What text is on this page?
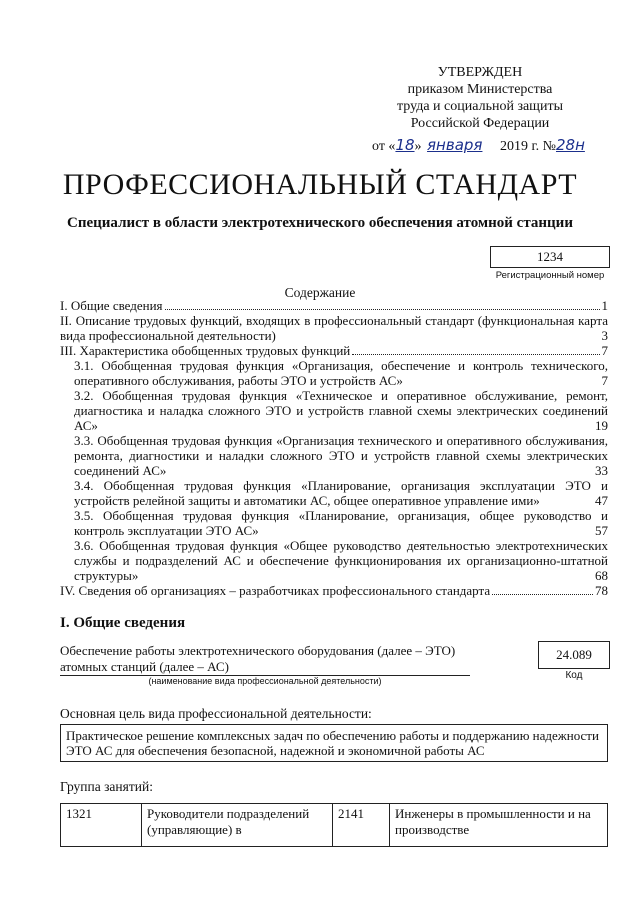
УТВЕРЖДЕН
приказом Министерства
труда и социальной защиты
Российской Федерации
от «18» января 2019 г. №28н
ПРОФЕССИОНАЛЬНЫЙ СТАНДАРТ
Специалист в области электротехнического обеспечения атомной станции
1234
Регистрационный номер
Содержание
I. Общие сведения	1
II. Описание трудовых функций, входящих в профессиональный стандарт (функциональная карта вида профессиональной деятельности)	3
III. Характеристика обобщенных трудовых функций	7
3.1. Обобщенная трудовая функция «Организация, обеспечение и контроль технического, оперативного обслуживания, работы ЭТО и устройств АС»	7
3.2. Обобщенная трудовая функция «Техническое и оперативное обслуживание, ремонт, диагностика и наладка сложного ЭТО и устройств главной схемы электрических соединений АС»	19
3.3. Обобщенная трудовая функция «Организация технического и оперативного обслуживания, ремонта, диагностики и наладки сложного ЭТО и устройств главной схемы электрических соединений АС»	33
3.4. Обобщенная трудовая функция «Планирование, организация эксплуатации ЭТО и устройств релейной защиты и автоматики АС, общее оперативное управление ими»	47
3.5. Обобщенная трудовая функция «Планирование, организация, общее руководство и контроль эксплуатации ЭТО АС»	57
3.6. Обобщенная трудовая функция «Общее руководство деятельностью электротехнических службы и подразделений АС и обеспечение функционирования их организационно-штатной структуры»	68
IV. Сведения об организациях – разработчиках профессионального стандарта	78
I. Общие сведения
Обеспечение работы электротехнического оборудования (далее – ЭТО) атомных станций (далее – АС)
(наименование вида профессиональной деятельности)
24.089
Код
Основная цель вида профессиональной деятельности:
Практическое решение комплексных задач по обеспечению работы и поддержанию надежности ЭТО АС для обеспечения безопасной, надежной и экономичной работы АС
Группа занятий:
1321	Руководители подразделений (управляющие) в	2141	Инженеры в промышленности и на производстве
